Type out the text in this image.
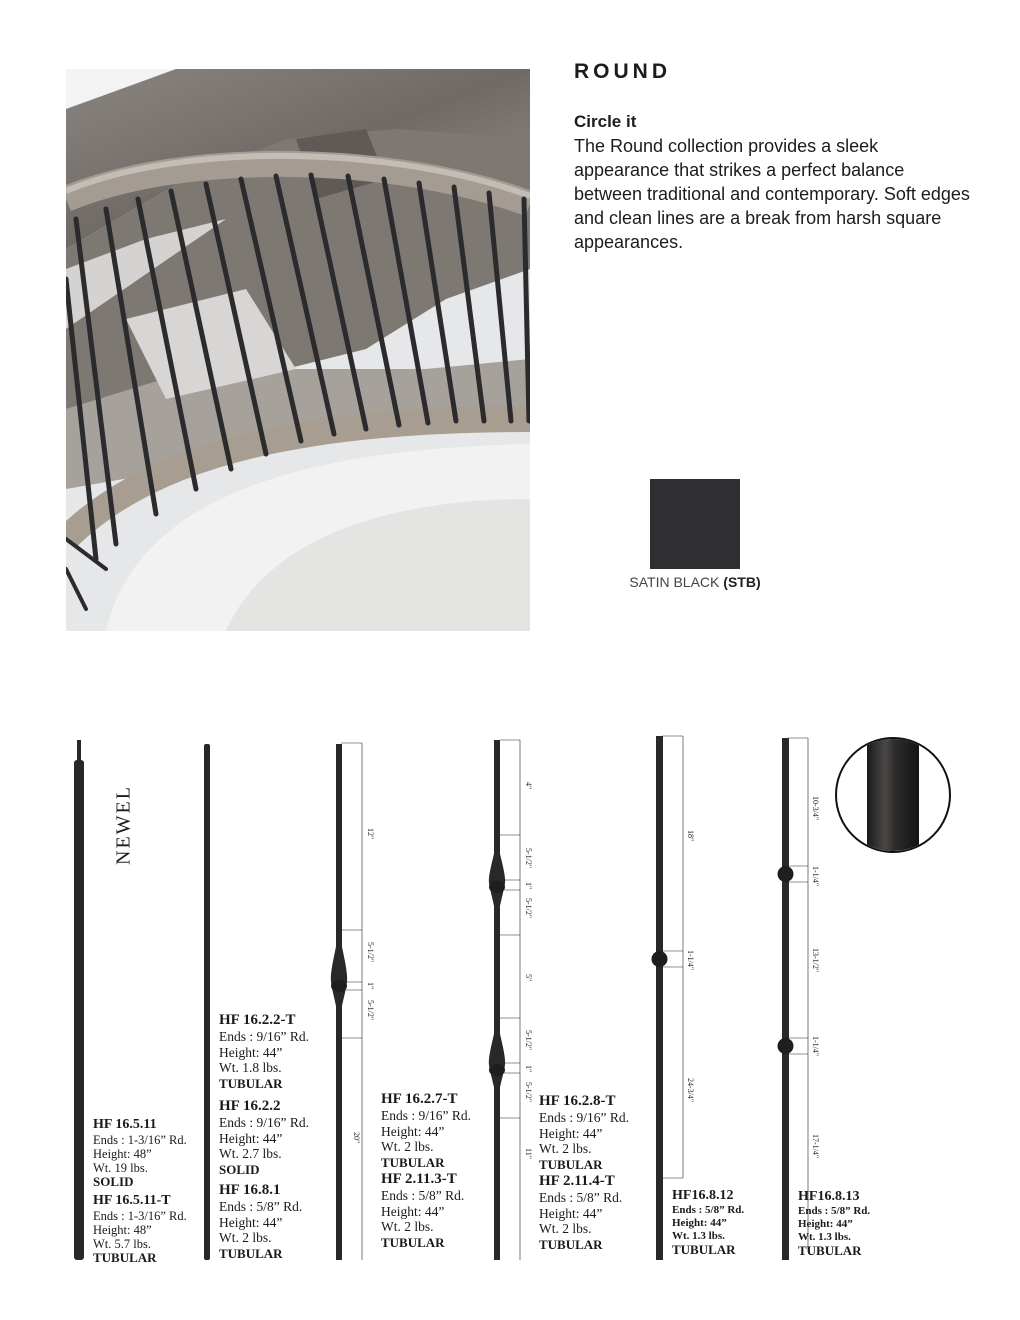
ROUND
Circle it
The Round collection provides a sleek appearance that strikes a perfect balance between traditional and contemporary. Soft edges and clean lines are a break from harsh square appearances.
SATIN BLACK (STB)
NEWEL	12"
5-1/2"
1"
5-1/2"
20"
4"
5-1/2"
1"
5-1/2"
5"
5-1/2"
1"
5-1/2"
11"
18"
1-1/4"
24-3/4"
10-3/4"
1-1/4"
13-1/2"
1-1/4"
17-1/4"
HF 16.5.11
Ends : 1-3/16” Rd.
Height: 48”
Wt. 19 lbs.
SOLID
HF 16.5.11-T
Ends : 1-3/16” Rd.
Height: 48”
Wt. 5.7 lbs.
TUBULAR
HF 16.2.2-T
Ends : 9/16” Rd.
Height: 44”
Wt. 1.8 lbs.
TUBULAR
HF 16.2.2
Ends : 9/16” Rd.
Height: 44”
Wt. 2.7 lbs.
SOLID
HF 16.8.1
Ends : 5/8” Rd.
Height: 44”
Wt. 2 lbs.
TUBULAR
HF 16.2.7-T
Ends : 9/16” Rd.
Height: 44”
Wt. 2 lbs.
TUBULAR
HF 2.11.3-T
Ends : 5/8” Rd.
Height: 44”
Wt. 2 lbs.
TUBULAR
HF 16.2.8-T
Ends : 9/16” Rd.
Height: 44”
Wt. 2 lbs.
TUBULAR
HF 2.11.4-T
Ends : 5/8” Rd.
Height: 44”
Wt. 2 lbs.
TUBULAR
HF16.8.12
Ends : 5/8” Rd.
Height: 44”
Wt. 1.3 lbs.
TUBULAR
HF16.8.13
Ends : 5/8” Rd.
Height: 44”
Wt. 1.3 lbs.
TUBULAR
